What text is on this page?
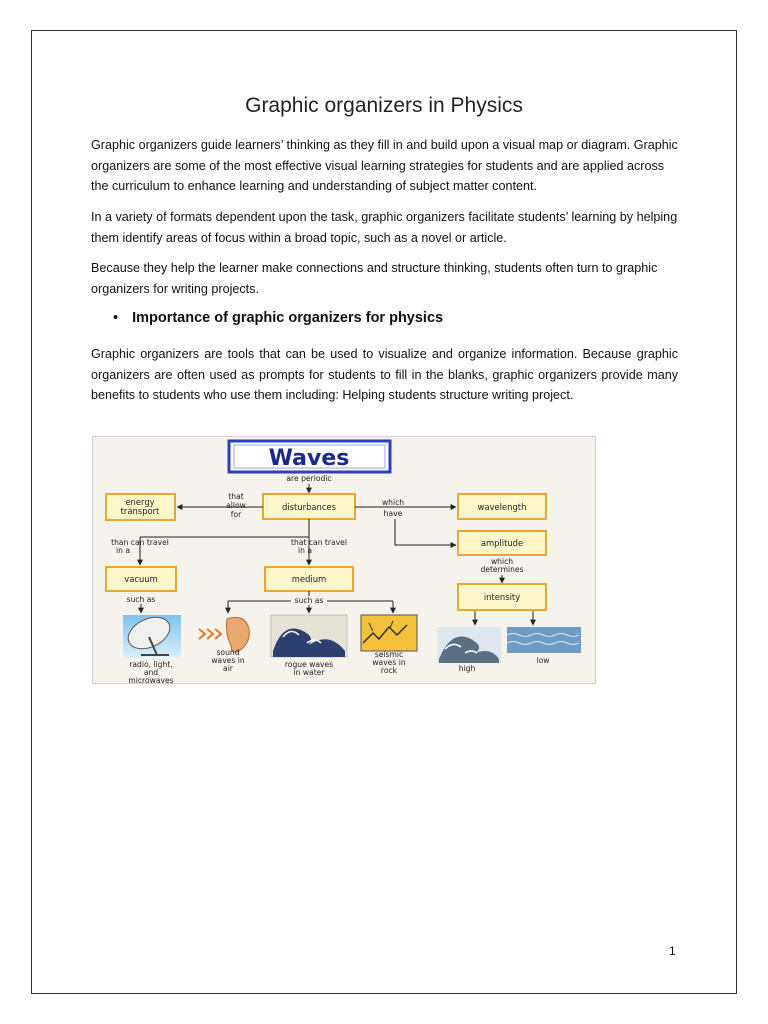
Graphic organizers in Physics

Graphic organizers guide learners’ thinking as they fill in and build upon a visual map or diagram. Graphic organizers are some of the most effective visual learning strategies for students and are applied across the curriculum to enhance learning and understanding of subject matter content.

In a variety of formats dependent upon the task, graphic organizers facilitate students’ learning by helping them identify areas of focus within a broad topic, such as a novel or article.

Because they help the learner make connections and structure thinking, students often turn to graphic organizers for writing projects.

• Importance of graphic organizers for physics

Graphic organizers are tools that can be used to visualize and organize information. Because graphic organizers are often used as prompts for students to fill in the blanks, graphic organizers provide many benefits to students who use them including: Helping students structure writing project.

Waves
are periodic
energy
transport	disturbances	wavelength
that
allow
for
which
have
amplitude
which
determines
intensity
than can travel
in a
that can travel
in a
vacuum
such as
medium
such as
radio, light,
and
microwaves
sound
waves in
air	rogue waves
in water
seismic
waves in
rock	high
low
1
